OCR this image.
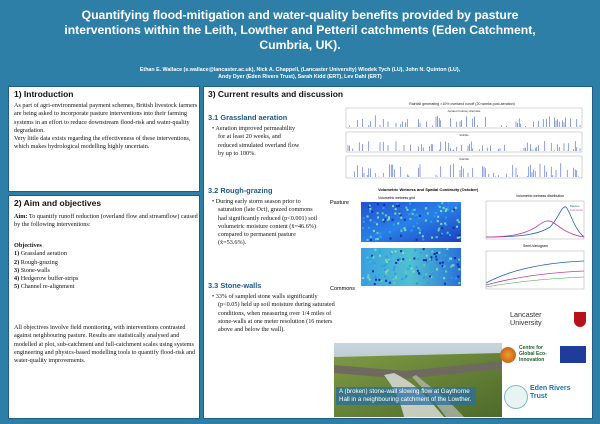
Quantifying flood-mitigation and water-quality benefits provided by pasture interventions within the Leith, Lowther and Petteril catchments (Eden Catchment, Cumbria, UK).
Ethan E. Wallace (e.wallace@lancaster.ac.uk), Nick A. Chappell, (Lancaster University) Wlodek Tych (LU), John N. Quinton (LU),
Andy Dyer (Eden Rivers Trust), Sarah Kidd (ERT), Lev Dahl (ERT)
1) Introduction
As part of agri-environmental payment schemes, British livestock farmers are being asked to incorporate pasture interventions into their farming systems in an effort to reduce downstream flood-risk and water-quality degradation.
Very little data exists regarding the effectiveness of these interventions, which makes hydrological modelling highly uncertain.
2) Aim and objectives
Aim: To quantify runoff reduction (overland flow and streamflow) caused by the following interventions:

Objectives

1) Grassland aeration

2) Rough-grazing

3) Stone-walls

4) Hedgerow buffer-strips

5) Channel re-alignment

All objectives involve field monitoring, with interventions contrasted against neighbouring pasture. Results are statistically analysed and modelled at plot, sub-catchment and full-catchment scales using systems engineering and physics-based modelling tools to quantify flood-risk and water-quality improvements.
3) Current results and discussion
3.1 Grassland aeration

• Aeration improved permeability for at least 20 weeks, and reduced simulated overland flow by up to 100%.

3.2 Rough-grazing

• During early storm season prior to saturation (late Oct), grazed commons had significantly reduced (p<0.001) soil volumetric moisture content (x̄=46.6%) compared to permanent pasture (x̄=53.6%).

3.3 Stone-walls

• 33% of sampled stone walls significantly (p<0.05) held up soil moisture during saturated conditions, when measuring over 1/4 miles of stone-walls at one meter resolution (16 meters above and below the wall).

Rainfall generating >10% overland runoff (20 weeks post-aeration)
Aerated Coarsey Alternate
Stubble
Rainfall
Volumetric Wetness and Spatial Continuity (October)
Pasture
Commons
Volumetric wetness grid	Volumetric wetness distribution
Pasture
Commons
Semi-Variogram
A (broken) stone-wall slowing flow at Gaythorne Hall in a neighbouring catchment of the Lowther.
Lancaster University
Centre for Global Eco-Innovation
Eden Rivers Trust
